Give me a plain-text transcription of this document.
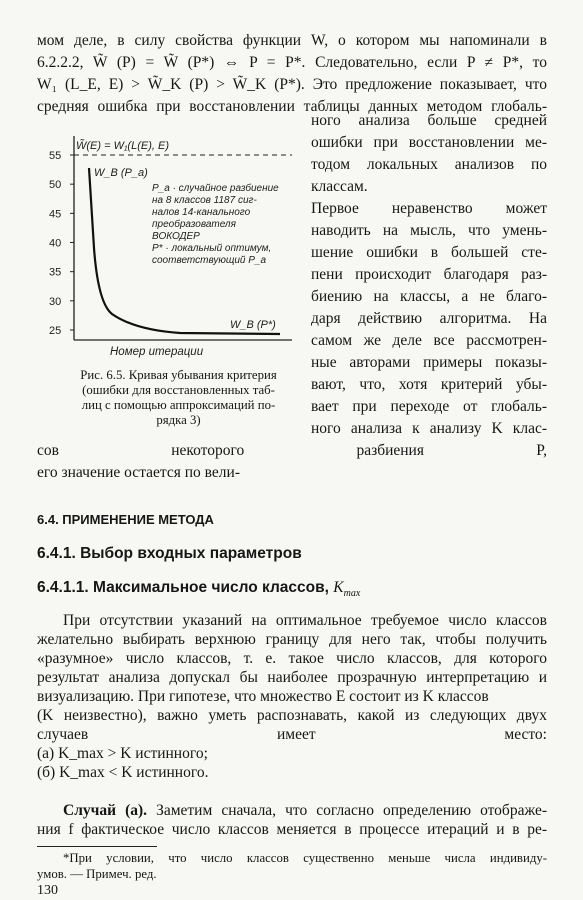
мом деле, в силу свойства функции W, о котором мы напоминали в
6.2.2.2, W̃ (P) = W̃ (P*) ⇔ P = P*. Следовательно, если P ≠ P*, то
W₁ (L_E, E) > W̃_K (P) > W̃_K (P*). Это предложение показывает, что
средняя ошибка при восстановлении таблицы данных методом глобаль-
ного анализа больше средней
ошибки при восстановлении ме-
тодом локальных анализов по
классам.
Первое неравенство может
наводить на мысль, что умень-
шение ошибки в большей сте-
пени происходит благодаря раз-
биению на классы, а не благо-
даря действию алгоритма. На
самом же деле все рассмотрен-
ные авторами примеры показы-
вают, что, хотя критерий убы-
вает при переходе от глобаль-
ного анализа к анализу K клас-
сов некоторого разбиения P,
его значение остается по вели-
55
50
45
40
35
30
25
W̃(E) = W₁(L(E), E)
W_B (P_a)
W_B (P*)
P_a · случайное разбиение
на 8 классов 1187 сиг-
налов 14-канального
преобразователя
ВОКОДЕР
P* · локальный оптимум,
соответствующий P_a
Номер итерации
Рис. 6.5. Кривая убывания критерия
(ошибки для восстановленных таб-
лиц с помощью аппроксимаций по-
рядка 3)
6.4. ПРИМЕНЕНИЕ МЕТОДА
6.4.1. Выбор входных параметров
6.4.1.1. Максимальное число классов, $K_{max}$
При отсутствии указаний на оптимальное требуемое число классов
желательно выбирать верхнюю границу для него так, чтобы получить
«разумное» число классов, т. е. такое число классов, для которого
результат анализа допускал бы наиболее прозрачную интерпретацию и
визуализацию. При гипотезе, что множество E состоит из K классов
(K неизвестно), важно уметь распознавать, какой из следующих двух
случаев имеет место:
(а) K_max > K истинного;
(б) K_max < K истинного.
Случай (а). Заметим сначала, что согласно определению отображе-
ния f фактическое число классов меняется в процессе итераций и в ре-
*При условии, что число классов существенно меньше числа индивиду-
умов. — Примеч. ред.
130
